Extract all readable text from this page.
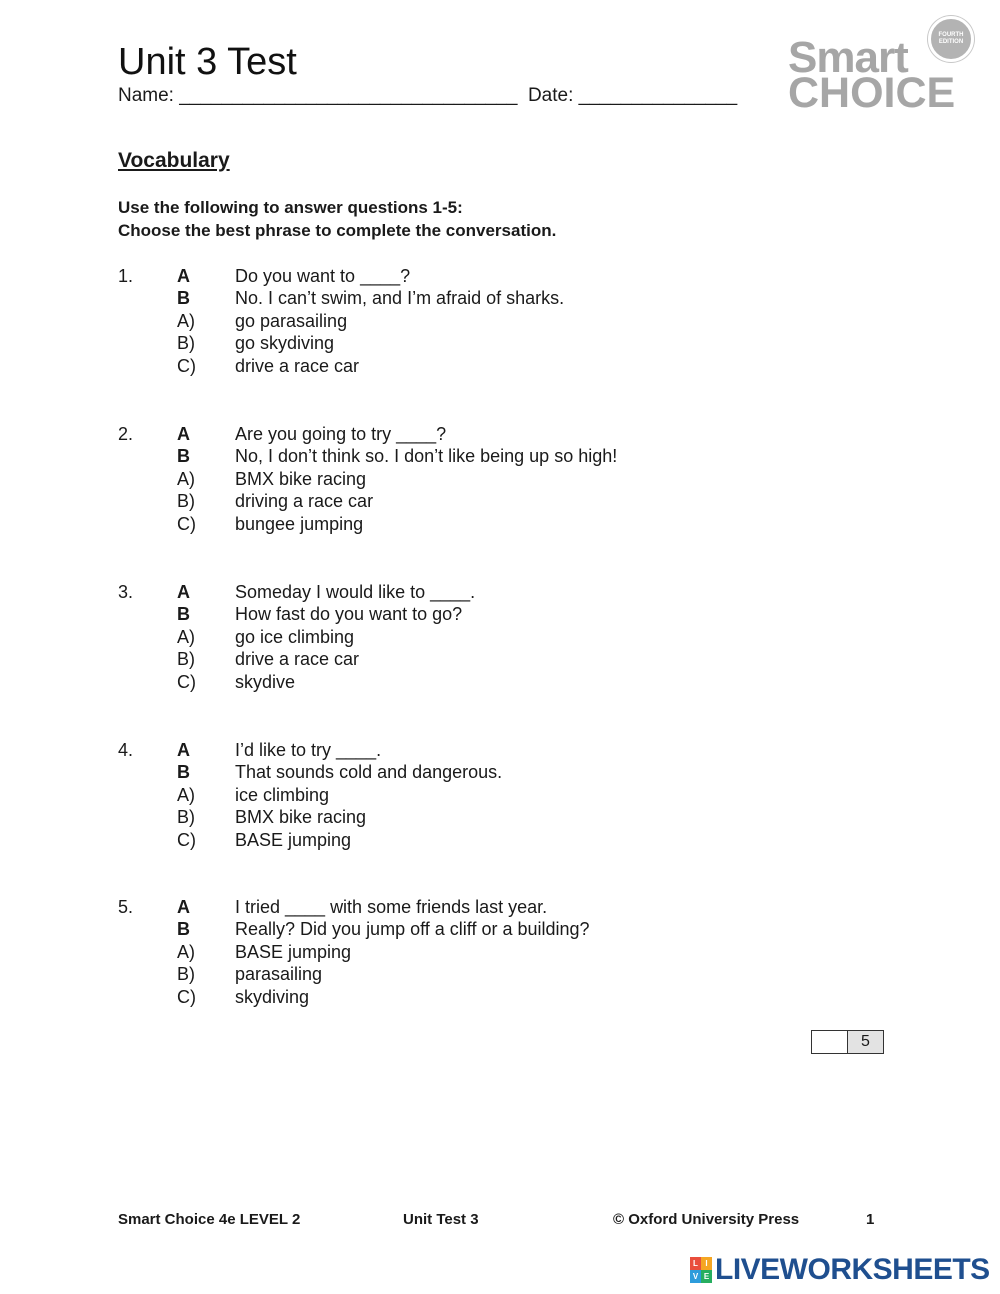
Unit 3 Test
Name: ________________________________  Date: _______________
Smart
CHOICE
FOURTH
EDITION
Vocabulary
Use the following to answer questions 1-5:
Choose the best phrase to complete the conversation.
1. A	Do you want to ____?
B	No. I can’t swim, and I’m afraid of sharks.
A) go parasailing
B) go skydiving
C) drive a race car
2. A	Are you going to try ____?
B	No, I don’t think so. I don’t like being up so high!
A) BMX bike racing
B) driving a race car
C) bungee jumping
3. A	Someday I would like to ____.
B	How fast do you want to go?
A) go ice climbing
B) drive a race car
C) skydive
4. A	I’d like to try ____.
B	That sounds cold and dangerous.
A) ice climbing
B) BMX bike racing
C) BASE jumping
5. A	I tried ____ with some friends last year.
B	Really? Did you jump off a cliff or a building?
A) BASE jumping
B) parasailing
C) skydiving
5
Smart Choice 4e LEVEL 2	Unit Test 3	© Oxford University Press	1
L I
V E LIVEWORKSHEETS
